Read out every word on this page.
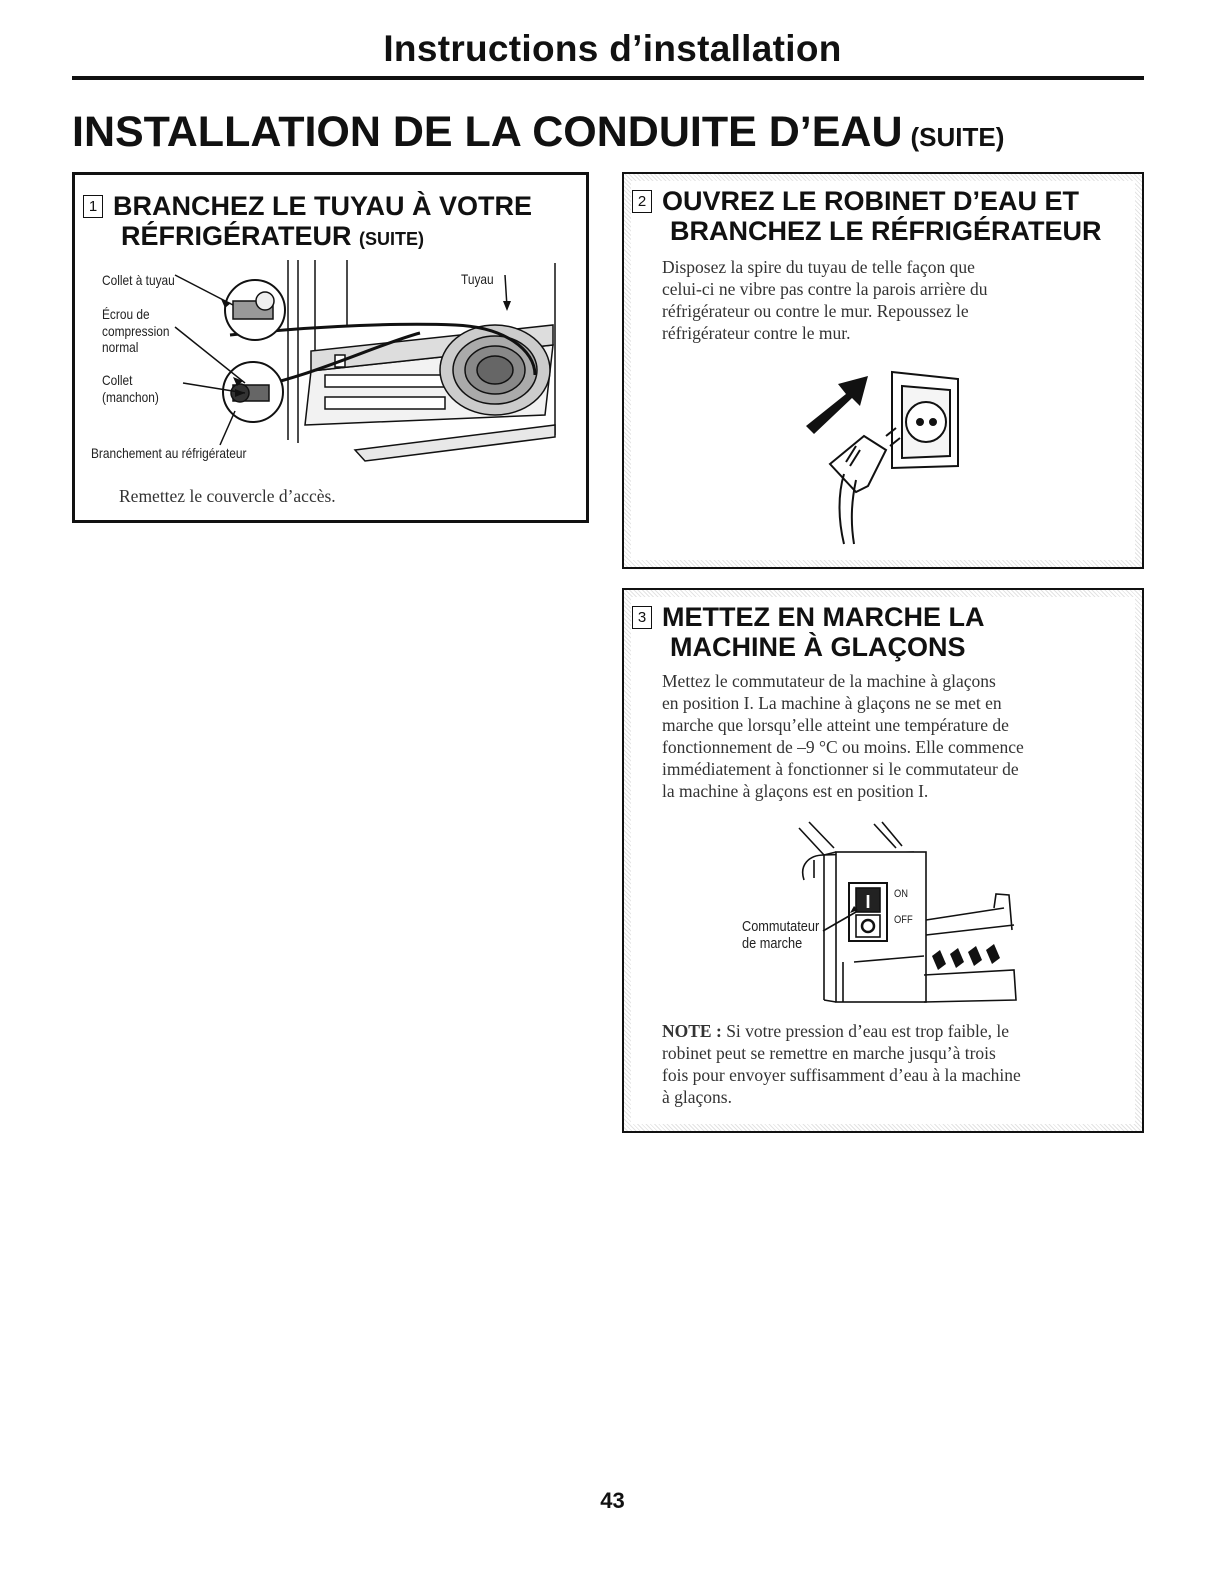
Instructions d’installation
INSTALLATION DE LA CONDUITE D’EAU (SUITE)
1 BRANCHEZ LE TUYAU À VOTRE
RÉFRIGÉRATEUR (SUITE)
Collet à tuyau
Écrou de
compression
normal
Collet
(manchon)
Tuyau
Branchement au réfrigérateur
Remettez le couvercle d’accès.
2 OUVREZ LE ROBINET D’EAU ET
BRANCHEZ LE RÉFRIGÉRATEUR
Disposez la spire du tuyau de telle façon que
celui-ci ne vibre pas contre la parois arrière du
réfrigérateur ou contre le mur. Repoussez le
réfrigérateur contre le mur.
3 METTEZ EN MARCHE LA
MACHINE À GLAÇONS
Mettez le commutateur de la machine à glaçons
en position I. La machine à glaçons ne se met en
marche que lorsqu’elle atteint une température de
fonctionnement de –9 °C ou moins. Elle commence
immédiatement à fonctionner si le commutateur de
la machine à glaçons est en position I.
I ON
OFF
Commutateur
de marche
NOTE : Si votre pression d’eau est trop faible, le
robinet peut se remettre en marche jusqu’à trois
fois pour envoyer suffisamment d’eau à la machine
à glaçons.
43
